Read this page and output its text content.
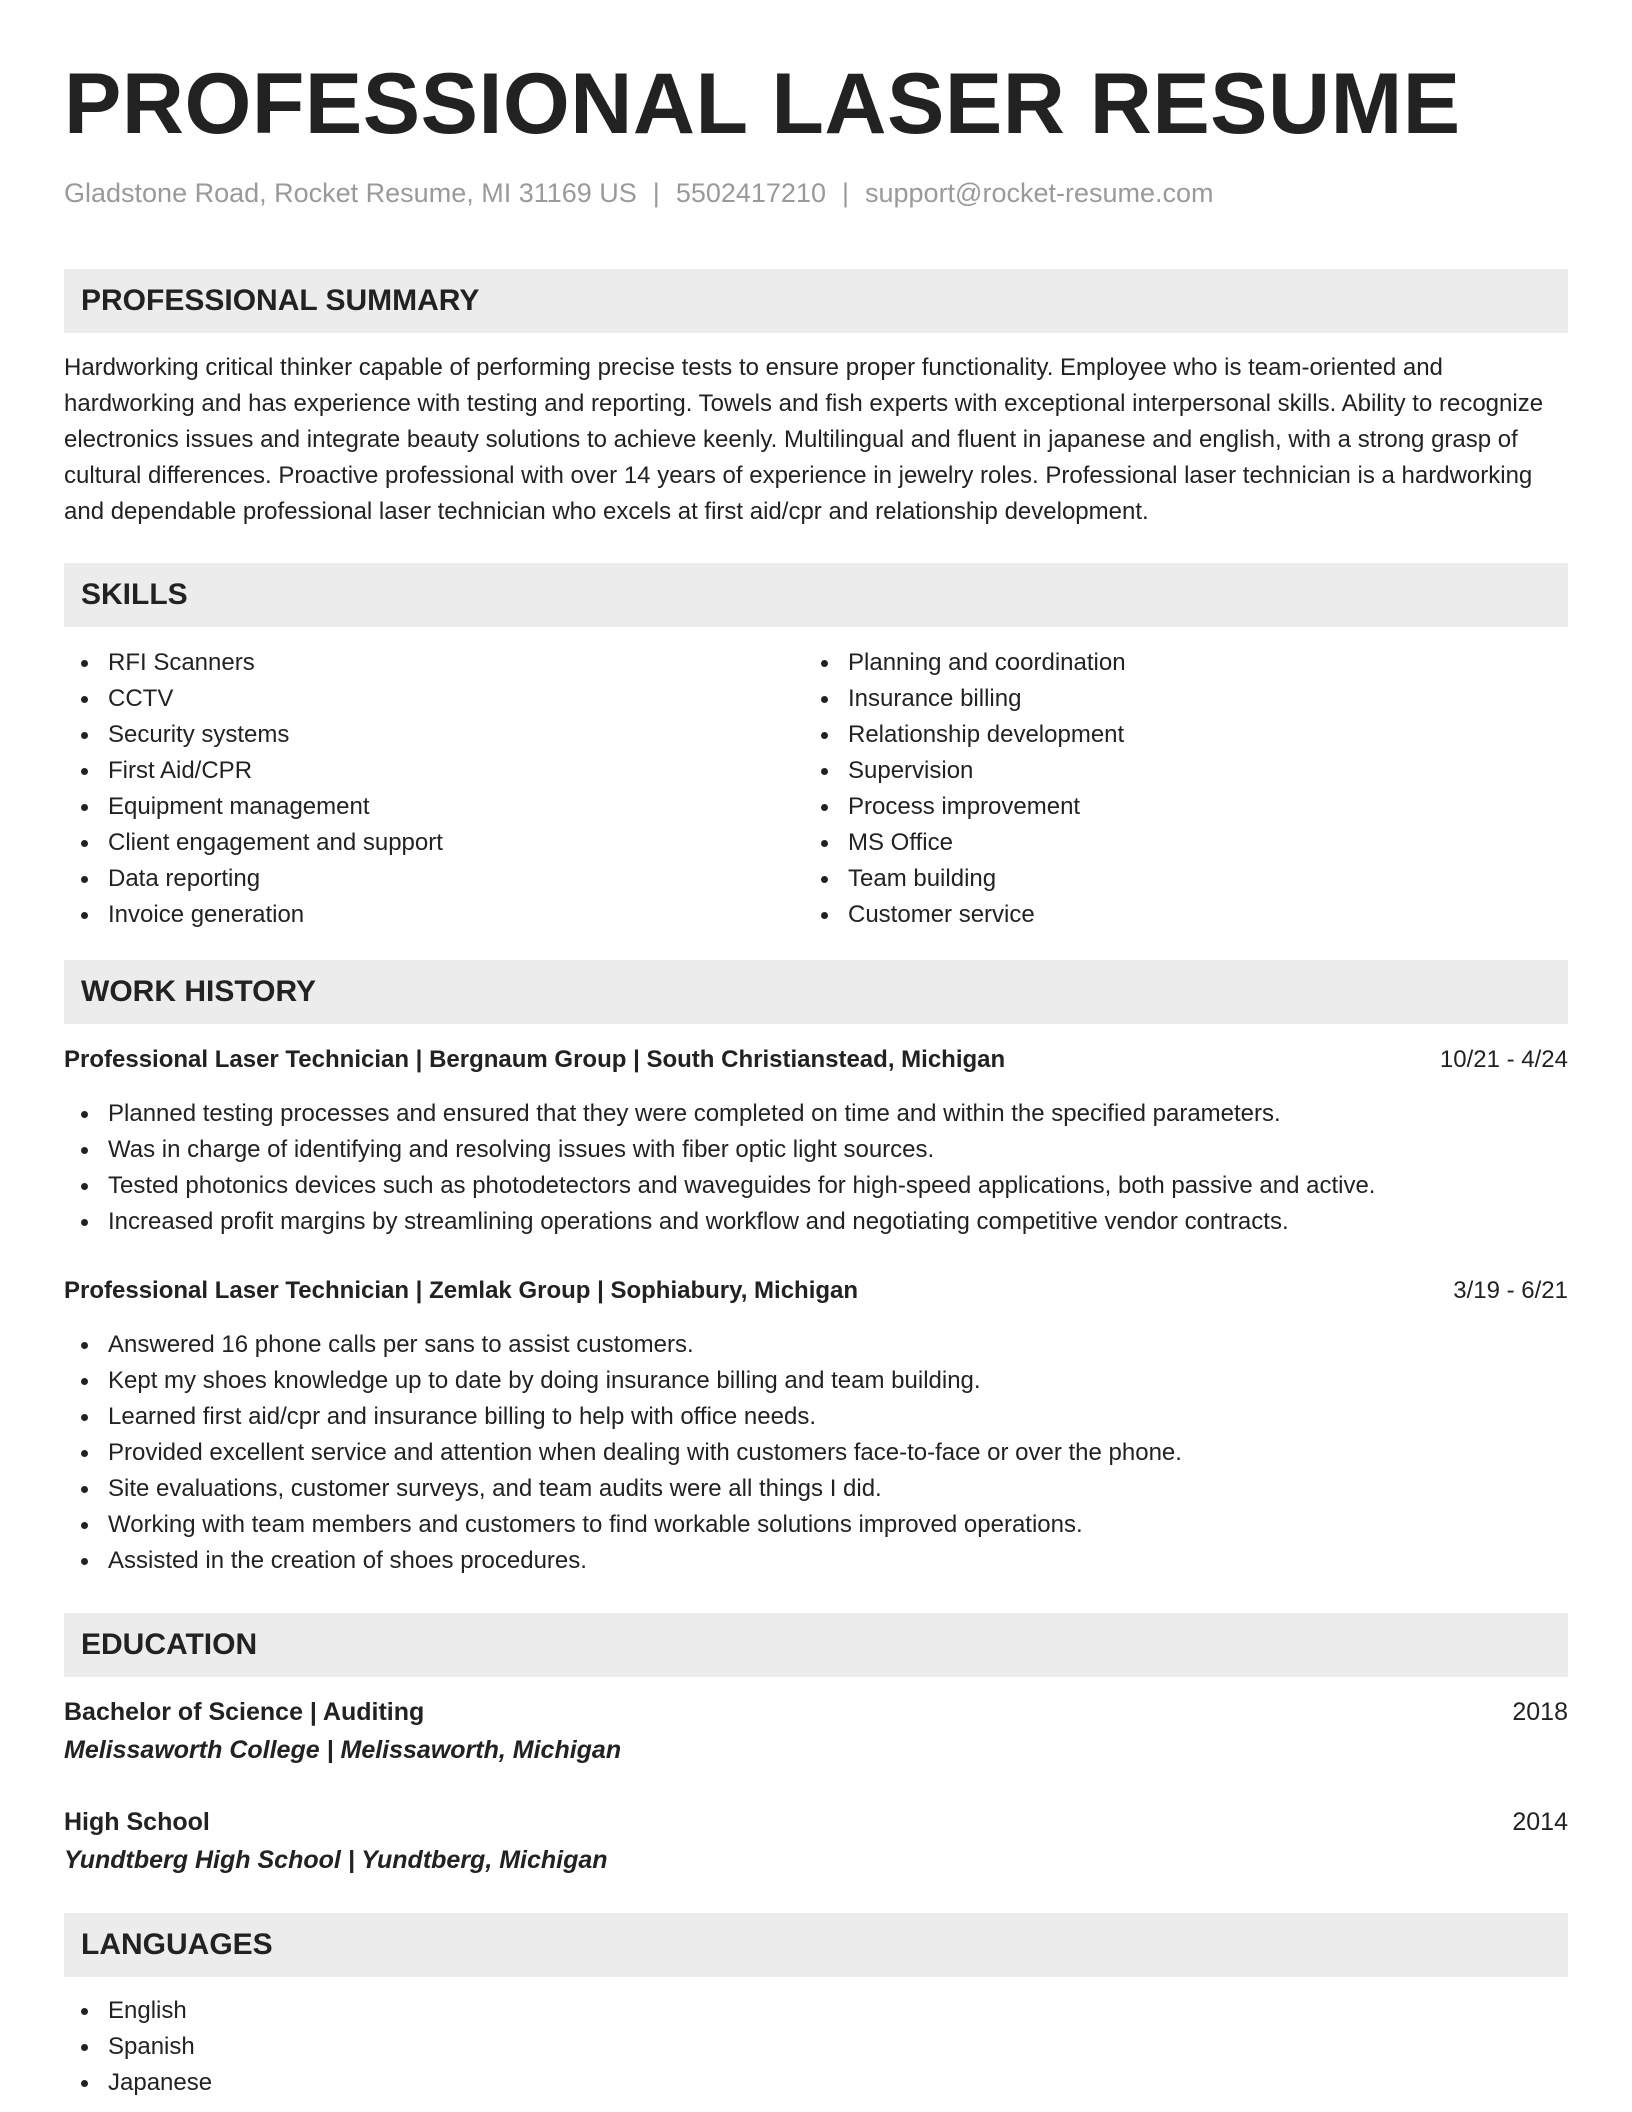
PROFESSIONAL LASER RESUME
Gladstone Road, Rocket Resume, MI 31169 US | 5502417210 | support@rocket-resume.com
PROFESSIONAL SUMMARY
Hardworking critical thinker capable of performing precise tests to ensure proper functionality. Employee who is team-oriented and hardworking and has experience with testing and reporting. Towels and fish experts with exceptional interpersonal skills. Ability to recognize electronics issues and integrate beauty solutions to achieve keenly. Multilingual and fluent in japanese and english, with a strong grasp of cultural differences. Proactive professional with over 14 years of experience in jewelry roles. Professional laser technician is a hardworking and dependable professional laser technician who excels at first aid/cpr and relationship development.
SKILLS
RFI Scanners
CCTV
Security systems
First Aid/CPR
Equipment management
Client engagement and support
Data reporting
Invoice generation
Planning and coordination
Insurance billing
Relationship development
Supervision
Process improvement
MS Office
Team building
Customer service
WORK HISTORY
Professional Laser Technician | Bergnaum Group | South Christianstead, Michigan	10/21 - 4/24
Planned testing processes and ensured that they were completed on time and within the specified parameters.
Was in charge of identifying and resolving issues with fiber optic light sources.
Tested photonics devices such as photodetectors and waveguides for high-speed applications, both passive and active.
Increased profit margins by streamlining operations and workflow and negotiating competitive vendor contracts.
Professional Laser Technician | Zemlak Group | Sophiabury, Michigan	3/19 - 6/21
Answered 16 phone calls per sans to assist customers.
Kept my shoes knowledge up to date by doing insurance billing and team building.
Learned first aid/cpr and insurance billing to help with office needs.
Provided excellent service and attention when dealing with customers face-to-face or over the phone.
Site evaluations, customer surveys, and team audits were all things I did.
Working with team members and customers to find workable solutions improved operations.
Assisted in the creation of shoes procedures.
EDUCATION
Bachelor of Science | Auditing	2018
Melissaworth College | Melissaworth, Michigan
High School	2014
Yundtberg High School | Yundtberg, Michigan
LANGUAGES
English
Spanish
Japanese
